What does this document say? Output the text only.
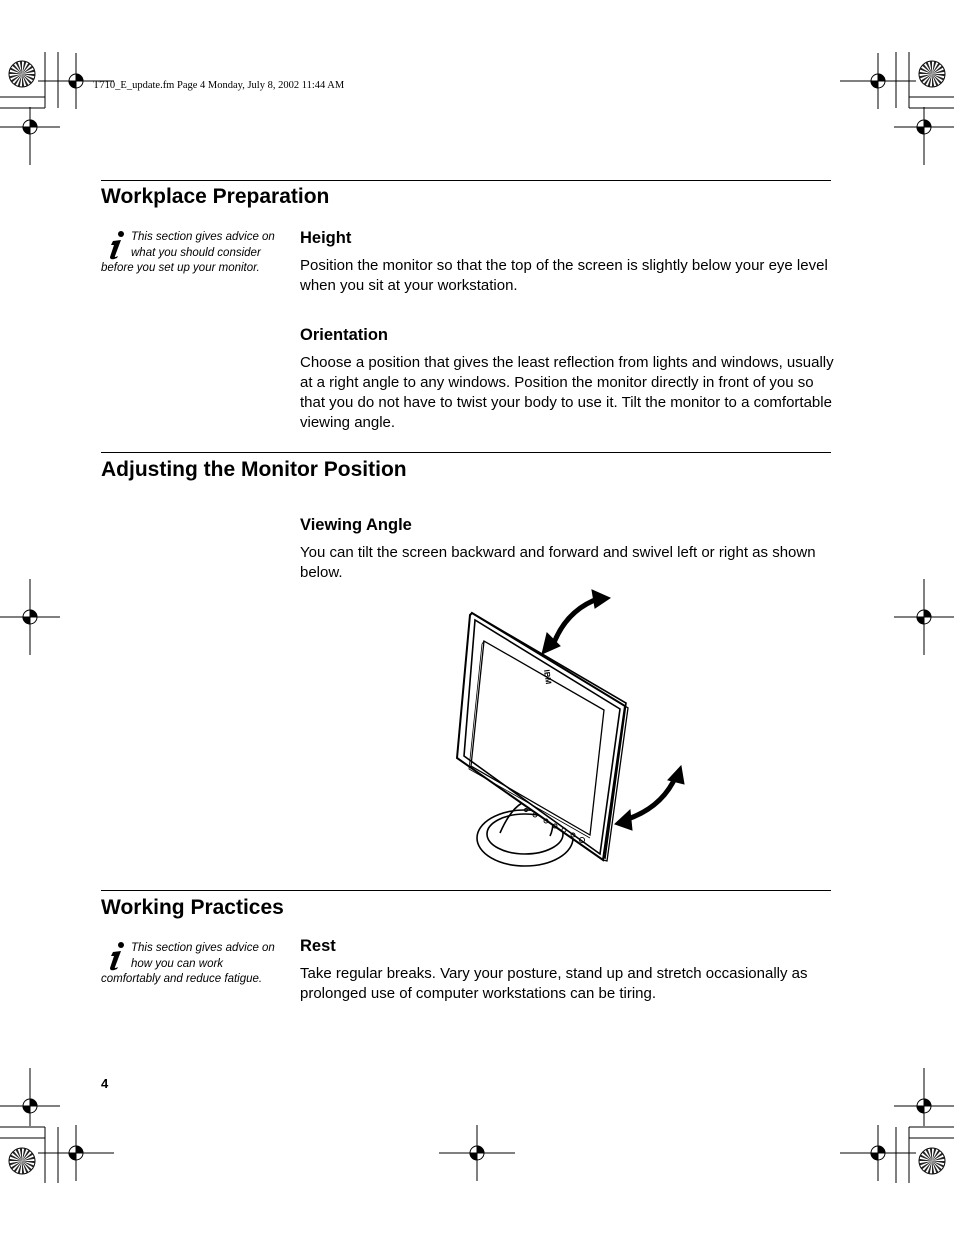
T710_E_update.fm Page 4 Monday, July 8, 2002 11:44 AM
Workplace Preparation
This section gives advice on what you should consider before you set up your monitor.
Height

Position the monitor so that the top of the screen is slightly below your eye level when you sit at your workstation.

Orientation

Choose a position that gives the least reflection from lights and windows, usually at a right angle to any windows. Position the monitor directly in front of you so that you do not have to twist your body to use it. Tilt the monitor to a comfortable viewing angle.

Adjusting the Monitor Position
Viewing Angle

You can tilt the screen backward and forward and swivel left or right as shown below.

IBM
Working Practices
This section gives advice on how you can work comfortably and reduce fatigue.
Rest

Take regular breaks. Vary your posture, stand up and stretch occasionally as prolonged use of computer workstations can be tiring.

4
